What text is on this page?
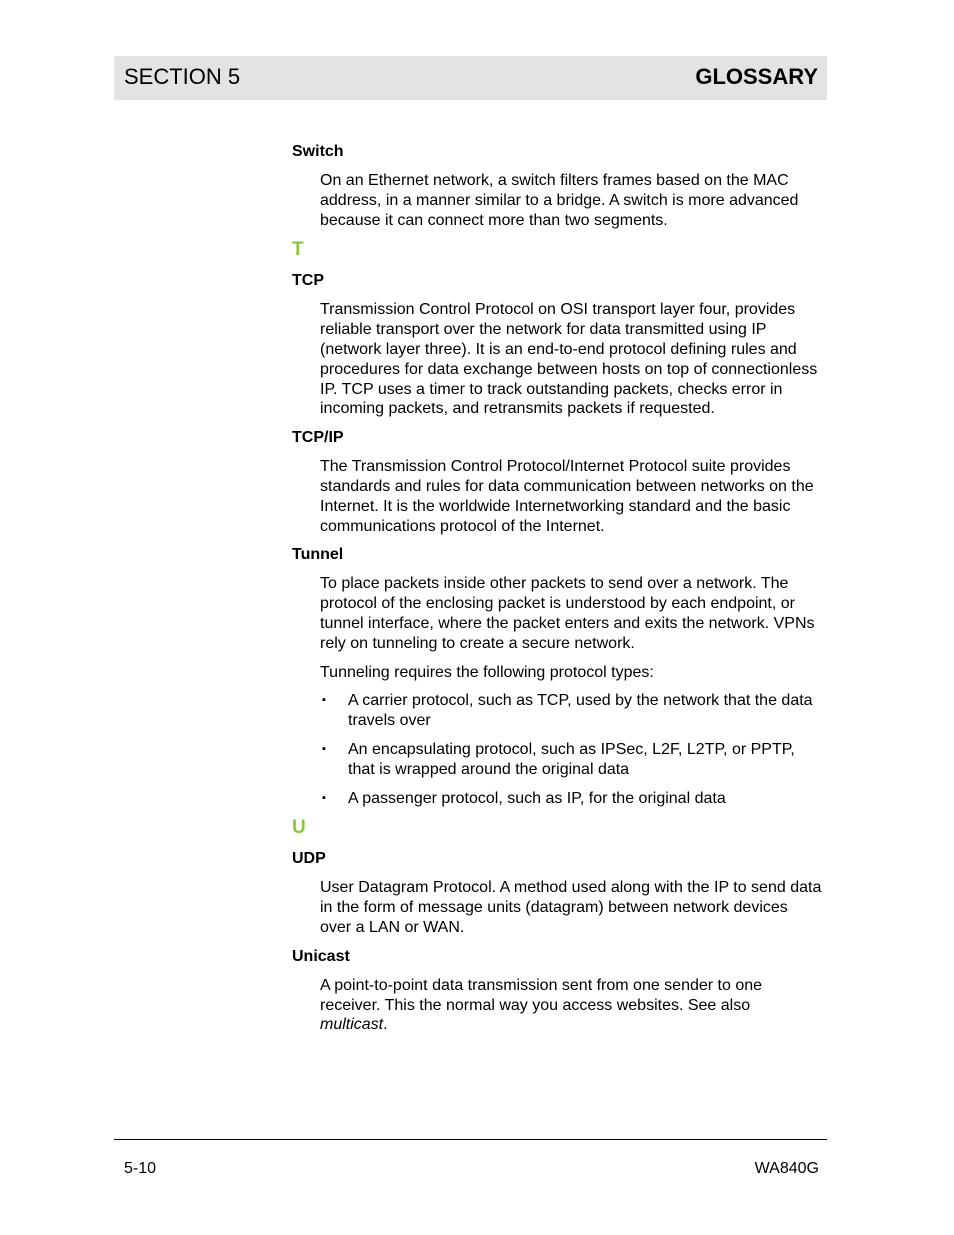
SECTION 5	GLOSSARY
Switch
On an Ethernet network, a switch filters frames based on the MAC address, in a manner similar to a bridge. A switch is more advanced because it can connect more than two segments.
T
TCP
Transmission Control Protocol on OSI transport layer four, provides reliable transport over the network for data transmitted using IP (network layer three). It is an end-to-end protocol defining rules and procedures for data exchange between hosts on top of connectionless IP. TCP uses a timer to track outstanding packets, checks error in incoming packets, and retransmits packets if requested.
TCP/IP
The Transmission Control Protocol/Internet Protocol suite provides standards and rules for data communication between networks on the Internet. It is the worldwide Internetworking standard and the basic communications protocol of the Internet.
Tunnel
To place packets inside other packets to send over a network. The protocol of the enclosing packet is understood by each endpoint, or tunnel interface, where the packet enters and exits the network. VPNs rely on tunneling to create a secure network.
Tunneling requires the following protocol types:
▪ A carrier protocol, such as TCP, used by the network that the data travels over
▪ An encapsulating protocol, such as IPSec, L2F, L2TP, or PPTP, that is wrapped around the original data
▪ A passenger protocol, such as IP, for the original data
U
UDP
User Datagram Protocol. A method used along with the IP to send data in the form of message units (datagram) between network devices over a LAN or WAN.
Unicast
A point-to-point data transmission sent from one sender to one receiver. This the normal way you access websites. See also multicast.
5-10	WA840G
